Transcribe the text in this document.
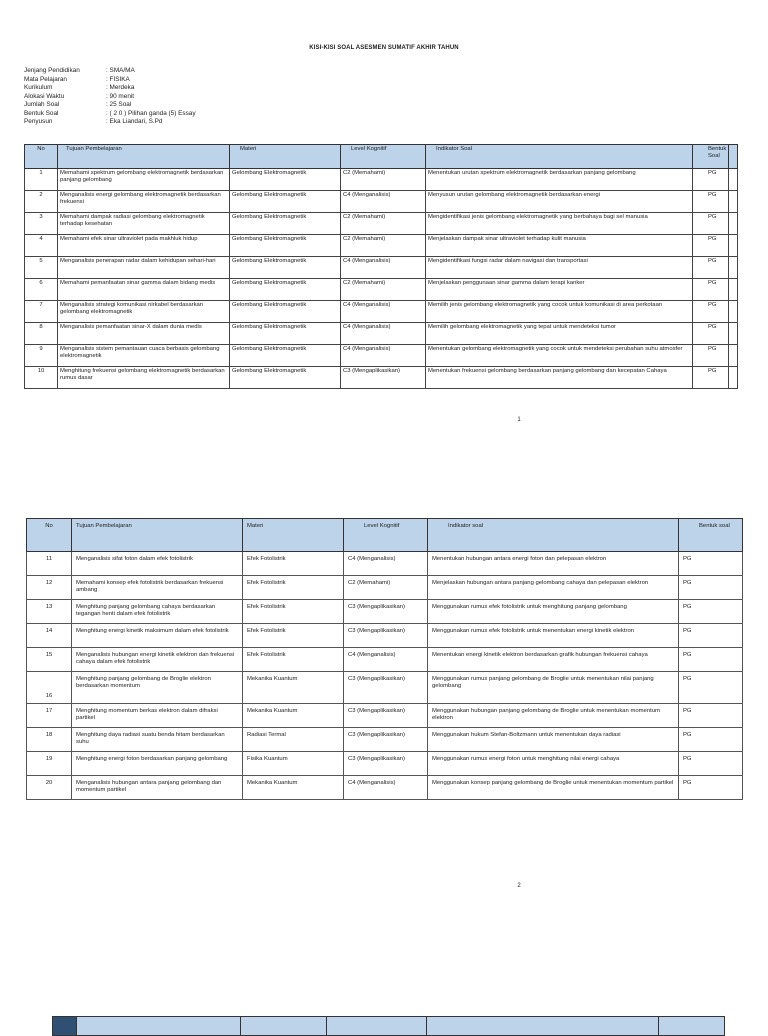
KISI-KISI SOAL ASESMEN SUMATIF AKHIR TAHUN
Jenjang Pendidikan	: SMA/MA
Mata Pelajaran	: FISIKA
Kurikulum	: Merdeka
Alokasi Waktu	: 90 menit
Jumlah Soal	: 25 Soal
Bentuk Soal	: ( 2 0 ) Pilihan ganda (5) Essay
Penyusun	: Eka Liandari, S.Pd
No	Tujuan Pembelajaran	Materi	Level Kognitif	Indikator Soal	Bentuk Soal	
1	Memahami spektrum gelombang elektromagnetik berdasarkan panjang gelombang	Gelombang Elektromagnetik	C2 (Memahami)	Menentukan urutan spektrum elektromagnetik berdasarkan panjang gelombang	PG	
2	Menganalisis energi gelombang elektromagnetik berdasarkan frekuensi	Gelombang Elektromagnetik	C4 (Menganalisis)	Menyusun urutan gelombang elektromagnetik berdasarkan energi	PG	
3	Memahami dampak radiasi gelombang elektromagnetik terhadap kesehatan	Gelombang Elektromagnetik	C2 (Memahami)	Mengidentifikasi jenis gelombang elektromagnetik yang berbahaya bagi sel manusia	PG	
4	Memahami efek sinar ultraviolet pada makhluk hidup	Gelombang Elektromagnetik	C2 (Memahami)	Menjelaskan dampak sinar ultraviolet terhadap kulit manusia	PG	
5	Menganalisis penerapan radar dalam kehidupan sehari-hari	Gelombang Elektromagnetik	C4 (Menganalisis)	Mengidentifikasi fungsi radar dalam navigasi dan transportasi	PG	
6	Memahami pemanfaatan sinar gamma dalam bidang medis	Gelombang Elektromagnetik	C2 (Memahami)	Menjelaskan penggunaan sinar gamma dalam terapi kanker	PG	
7	Menganalisis strategi komunikasi nirkabel berdasarkan gelombang elektromagnetik	Gelombang Elektromagnetik	C4 (Menganalisis)	Memilih jenis gelombang elektromagnetik yang cocok untuk komunikasi di area perkotaan	PG	
8	Menganalisis pemanfaatan sinar-X dalam dunia medis	Gelombang Elektromagnetik	C4 (Menganalisis)	Memilih gelombang elektromagnetik yang tepat untuk mendeteksi tumor	PG	
9	Menganalisis sistem pemantauan cuaca berbasis gelombang elektromagnetik	Gelombang Elektromagnetik	C4 (Menganalisis)	Menentukan gelombang elektromagnetik yang cocok untuk mendeteksi perubahan suhu atmosfer	PG	
10	Menghitung frekuensi gelombang elektromagnetik berdasarkan rumus dasar	Gelombang Elektromagnetik	C3 (Mengaplikasikan)	Menentukan frekuensi gelombang berdasarkan panjang gelombang dan kecepatan Cahaya	PG	
1
No	Tujuan Pembelajaran	Materi	Level Kognitif	Indikator soal	Bentuk soal
11	Menganalisis sifat foton dalam efek fotolistrik	Efek Fotolistrik	C4 (Menganalisis)	Menentukan hubungan antara energi foton dan pelepasan elektron	PG
12	Memahami konsep efek fotolistrik berdasarkan frekuensi ambang	Efek Fotolistrik	C2 (Memahami)	Menjelaskan hubungan antara panjang gelombang cahaya dan pelepasan elektron	PG
13	Menghitung panjang gelombang cahaya berdasarkan tegangan henti dalam efek fotolistrik	Efek Fotolistrik	C3 (Mengaplikasikan)	Menggunakan rumus efek fotolistrik untuk menghitung panjang gelombang	PG
14	Menghitung energi kinetik maksimum dalam efek fotolistrik	Efek Fotolistrik	C3 (Mengaplikasikan)	Menggunakan rumus efek fotolistrik untuk menentukan energi kinetik elektron	PG
15	Menganalisis hubungan energi kinetik elektron dan frekuensi cahaya dalam efek fotolistrik	Efek Fotolistrik	C4 (Menganalisis)	Menentukan energi kinetik elektron berdasarkan grafik hubungan frekuensi cahaya	PG
16	Menghitung panjang gelombang de Broglie elektron berdasarkan momentum	Mekanika Kuantum	C3 (Mengaplikasikan)	Menggunakan rumus panjang gelombang de Broglie untuk menentukan nilai panjang gelombang	PG
17	Menghitung momentum berkas elektron dalam difraksi partikel	Mekanika Kuantum	C3 (Mengaplikasikan)	Menggunakan hubungan panjang gelombang de Broglie untuk menentukan momentum elektron	PG
18	Menghitung daya radiasi suatu benda hitam berdasarkan suhu	Radiasi Termal	C3 (Mengaplikasikan)	Menggunakan hukum Stefan-Boltzmann untuk menentukan daya radiasi	PG
19	Menghitung energi foton berdasarkan panjang gelombang	Fisika Kuantum	C3 (Mengaplikasikan)	Menggunakan rumus energi foton untuk menghitung nilai energi cahaya	PG
20	Menganalisis hubungan antara panjang gelombang dan momentum partikel	Mekanika Kuantum	C4 (Menganalisis)	Menggunakan konsep panjang gelombang de Broglie untuk menentukan momentum partikel	PG
2
